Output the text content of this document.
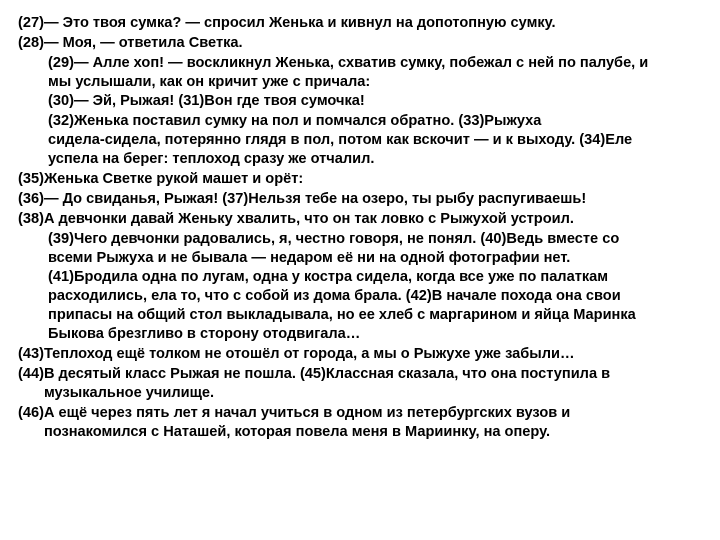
(27) — Это твоя сумка? — спросил Женька и кивнул на допотопную сумку.
(28) — Моя, — ответила Светка.
(29)— Алле хоп! — воскликнул Женька, схватив сумку, побежал с ней по палубе, и
мы услышали, как он кричит уже с причала:
(30)— Эй, Рыжая! (31)Вон где твоя сумочка!
(32)Женька поставил сумку на пол и помчался обратно. (33)Рыжуха
сидела-сидела, потерянно глядя в пол, потом как вскочит — и к выходу. (34)Еле
успела на берег: теплоход сразу же отчалил.
(35) Женька Светке рукой машет и орёт:
(36) — До свиданья, Рыжая! (37)Нельзя тебе на озеро, ты рыбу распугиваешь!
(38) А девчонки давай Женьку хвалить, что он так ловко с Рыжухой устроил.
(39)Чего девчонки радовались, я, честно говоря, не понял. (40)Ведь вместе со
всеми Рыжуха и не бывала — недаром её ни на одной фотографии нет.
(41)Бродила одна по лугам, одна у костра сидела, когда все уже по палаткам
расходились, ела то, что с собой из дома брала. (42)В начале похода она свои
припасы на общий стол выкладывала, но ее хлеб с маргарином и яйца Маринка
Быкова брезгливо в сторону отодвигала…
(43) Теплоход ещё толком не отошёл от города, а мы о Рыжухе уже забыли…
(44) В десятый класс Рыжая не пошла. (45)Классная сказала, что она поступила в
музыкальное училище.
(46) А ещё через пять лет я начал учиться в одном из петербургских вузов и
познакомился с Наташей, которая повела меня в Мариинку, на оперу.
